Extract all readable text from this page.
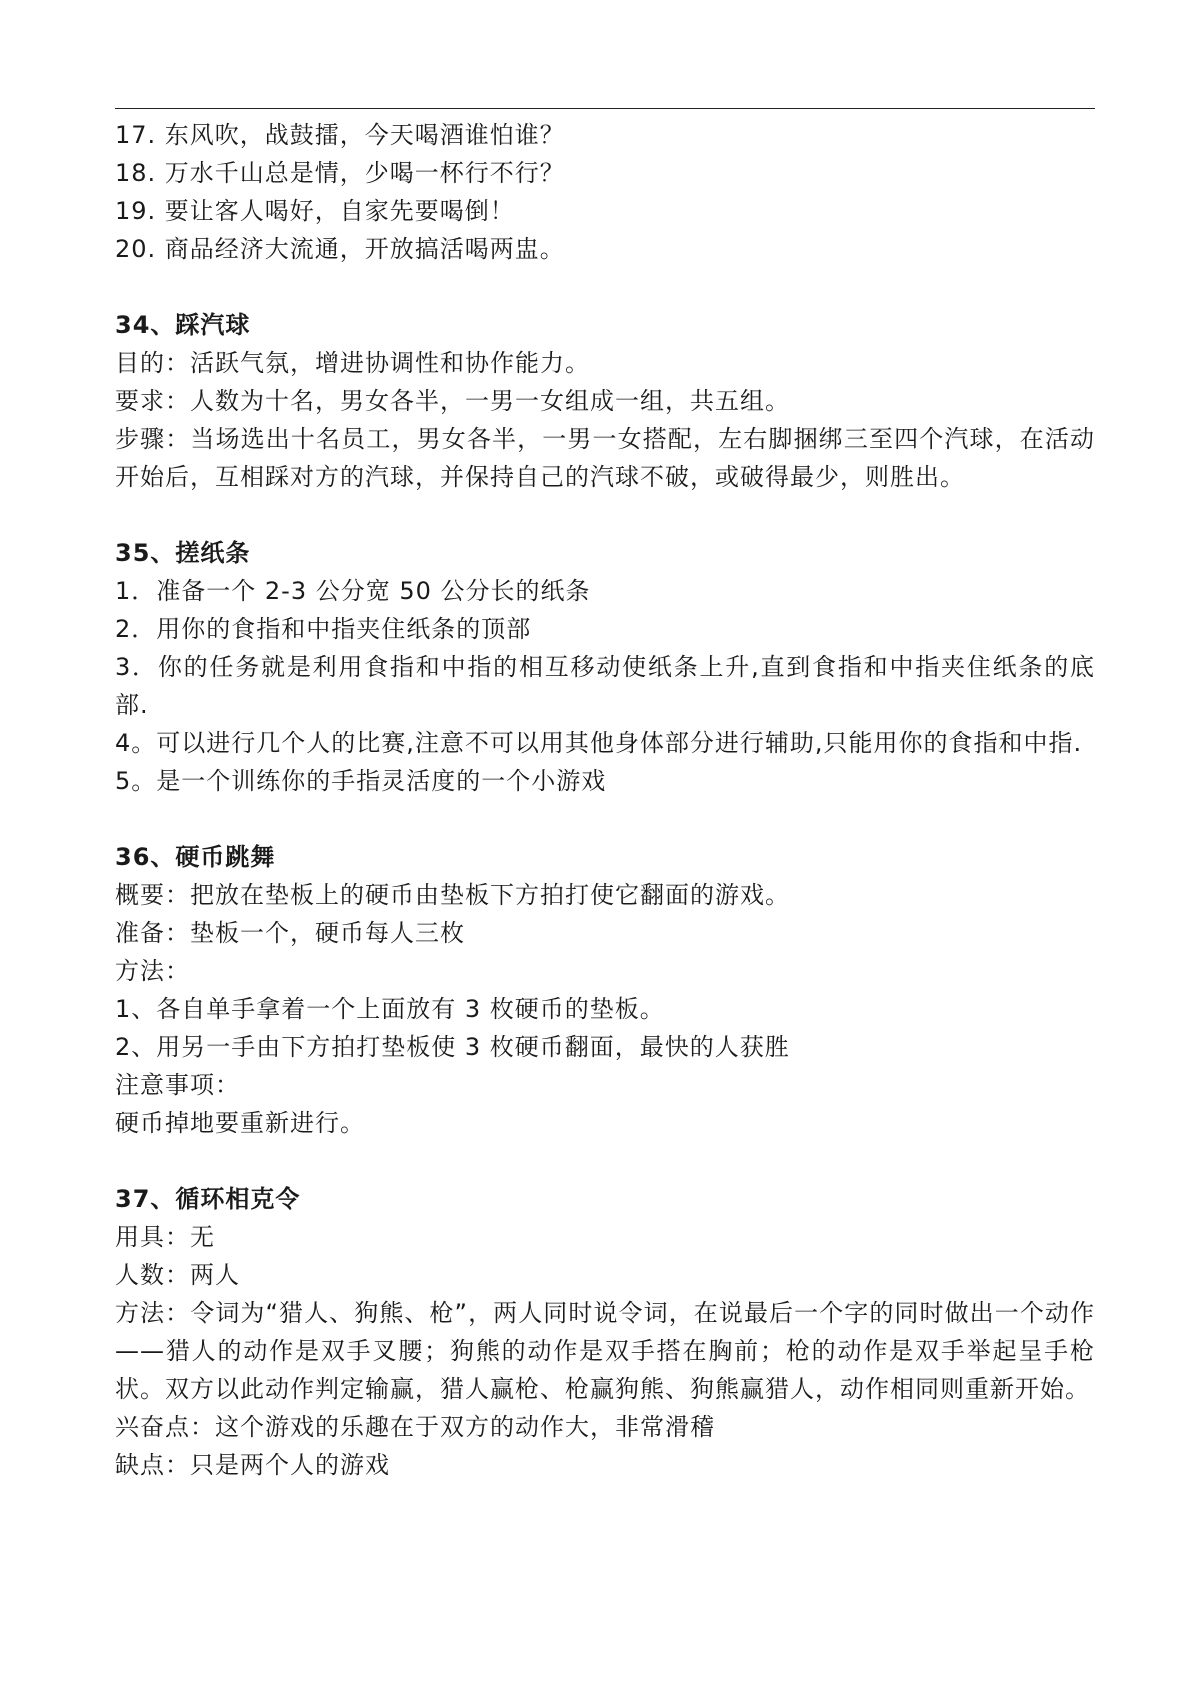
17. 东风吹，战鼓擂，今天喝酒谁怕谁？
18. 万水千山总是情，少喝一杯行不行？
19. 要让客人喝好，自家先要喝倒！
20. 商品经济大流通，开放搞活喝两盅。
34、踩汽球
目的：活跃气氛，增进协调性和协作能力。
要求：人数为十名，男女各半，一男一女组成一组，共五组。
步骤：当场选出十名员工，男女各半，一男一女搭配，左右脚捆绑三至四个汽球，在活动开始后，互相踩对方的汽球，并保持自己的汽球不破，或破得最少，则胜出。
35、搓纸条
1．准备一个 2-3 公分宽 50 公分长的纸条
2．用你的食指和中指夹住纸条的顶部
3．你的任务就是利用食指和中指的相互移动使纸条上升,直到食指和中指夹住纸条的底部.
4。可以进行几个人的比赛,注意不可以用其他身体部分进行辅助,只能用你的食指和中指.
5。是一个训练你的手指灵活度的一个小游戏
36、硬币跳舞
概要：把放在垫板上的硬币由垫板下方拍打使它翻面的游戏。
准备：垫板一个，硬币每人三枚
方法：
1、各自单手拿着一个上面放有 3 枚硬币的垫板。
2、用另一手由下方拍打垫板使 3 枚硬币翻面，最快的人获胜
注意事项：
硬币掉地要重新进行。
37、循环相克令
用具：无
人数：两人
方法：令词为“猎人、狗熊、枪”，两人同时说令词，在说最后一个字的同时做出一个动作——猎人的动作是双手叉腰；狗熊的动作是双手搭在胸前；枪的动作是双手举起呈手枪状。双方以此动作判定输赢，猎人赢枪、枪赢狗熊、狗熊赢猎人，动作相同则重新开始。
兴奋点：这个游戏的乐趣在于双方的动作大，非常滑稽
缺点：只是两个人的游戏
